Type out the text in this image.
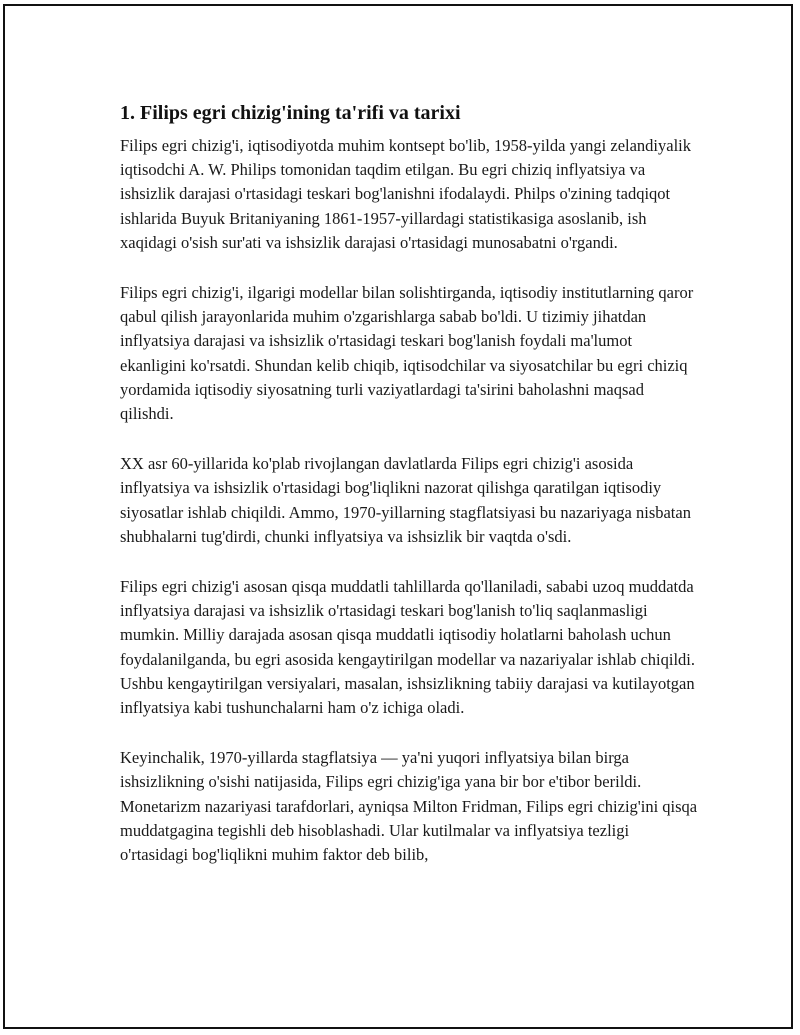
1. Filips egri chizig'ining ta'rifi va tarixi

Filips egri chizig'i, iqtisodiyotda muhim kontsept bo'lib, 1958-yilda yangi zelandiyalik iqtisodchi A. W. Philips tomonidan taqdim etilgan. Bu egri chiziq inflyatsiya va ishsizlik darajasi o'rtasidagi teskari bog'lanishni ifodalaydi. Philps o'zining tadqiqot ishlarida Buyuk Britaniyaning 1861-1957-yillardagi statistikasiga asoslanib, ish xaqidagi o'sish sur'ati va ishsizlik darajasi o'rtasidagi munosabatni o'rgandi.

Filips egri chizig'i, ilgarigi modellar bilan solishtirganda, iqtisodiy institutlarning qaror qabul qilish jarayonlarida muhim o'zgarishlarga sabab bo'ldi. U tizimiy jihatdan inflyatsiya darajasi va ishsizlik o'rtasidagi teskari bog'lanish foydali ma'lumot ekanligini ko'rsatdi. Shundan kelib chiqib, iqtisodchilar va siyosatchilar bu egri chiziq yordamida iqtisodiy siyosatning turli vaziyatlardagi ta'sirini baholashni maqsad qilishdi.

XX asr 60-yillarida ko'plab rivojlangan davlatlarda Filips egri chizig'i asosida inflyatsiya va ishsizlik o'rtasidagi bog'liqlikni nazorat qilishga qaratilgan iqtisodiy siyosatlar ishlab chiqildi. Ammo, 1970-yillarning stagflatsiyasi bu nazariyaga nisbatan shubhalarni tug'dirdi, chunki inflyatsiya va ishsizlik bir vaqtda o'sdi.

Filips egri chizig'i asosan qisqa muddatli tahlillarda qo'llaniladi, sababi uzoq muddatda inflyatsiya darajasi va ishsizlik o'rtasidagi teskari bog'lanish to'liq saqlanmasligi mumkin. Milliy darajada asosan qisqa muddatli iqtisodiy holatlarni baholash uchun foydalanilganda, bu egri asosida kengaytirilgan modellar va nazariyalar ishlab chiqildi. Ushbu kengaytirilgan versiyalari, masalan, ishsizlikning tabiiy darajasi va kutilayotgan inflyatsiya kabi tushunchalarni ham o'z ichiga oladi.

Keyinchalik, 1970-yillarda stagflatsiya — ya'ni yuqori inflyatsiya bilan birga ishsizlikning o'sishi natijasida, Filips egri chizig'iga yana bir bor e'tibor berildi. Monetarizm nazariyasi tarafdorlari, ayniqsa Milton Fridman, Filips egri chizig'ini qisqa muddatgagina tegishli deb hisoblashadi. Ular kutilmalar va inflyatsiya tezligi o'rtasidagi bog'liqlikni muhim faktor deb bilib,
